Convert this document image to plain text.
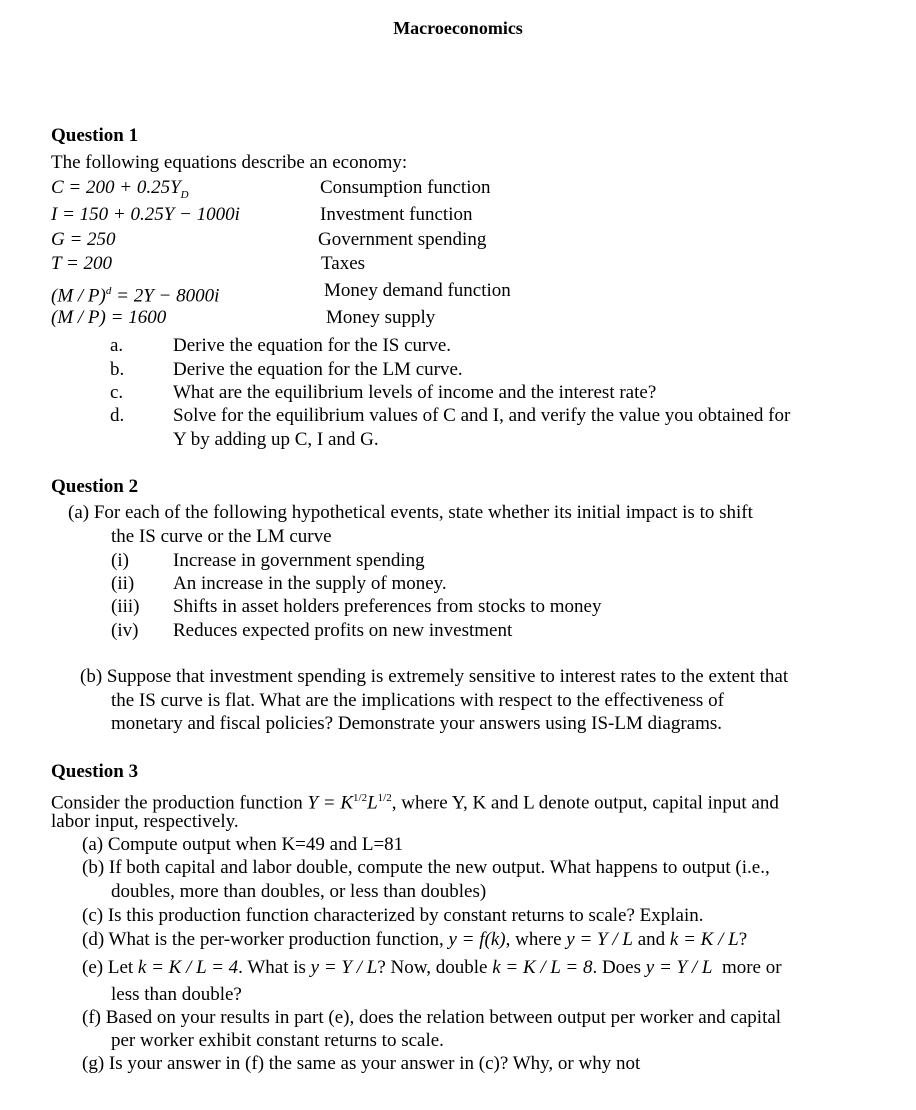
Macroeconomics
Question 1
The following equations describe an economy:
$C = 200 + 0.25Y_D$	Consumption function
I = 150 + 0.25Y − 1000i	Investment function
G = 250	Government spending
T = 200	Taxes
(M / P)$^d$ = 2Y − 8000i	Money demand function
(M / P) = 1600	Money supply
a.	Derive the equation for the IS curve.
b.	Derive the equation for the LM curve.
c.	What are the equilibrium levels of income and the interest rate?
d.	Solve for the equilibrium values of C and I, and verify the value you obtained for
Y by adding up C, I and G.
Question 2
(a) For each of the following hypothetical events, state whether its initial impact is to shift
the IS curve or the LM curve
(i) Increase in government spending
(ii) An increase in the supply of money.
(iii) Shifts in asset holders preferences from stocks to money
(iv) Reduces expected profits on new investment
(b) Suppose that investment spending is extremely sensitive to interest rates to the extent that
the IS curve is flat. What are the implications with respect to the effectiveness of
monetary and fiscal policies? Demonstrate your answers using IS-LM diagrams.
Question 3
Consider the production function $Y = K^{1/2}L^{1/2}$, where Y, K and L denote output, capital input and
labor input, respectively.
(a) Compute output when K=49 and L=81
(b) If both capital and labor double, compute the new output. What happens to output (i.e.,
doubles, more than doubles, or less than doubles)
(c) Is this production function characterized by constant returns to scale? Explain.
(d) What is the per-worker production function, y = f(k), where y = Y / L and k = K / L?
(e) Let k = K / L = 4. What is y = Y / L? Now, double k = K / L = 8. Does y = Y / L  more or
less than double?
(f) Based on your results in part (e), does the relation between output per worker and capital
per worker exhibit constant returns to scale.
(g) Is your answer in (f) the same as your answer in (c)? Why, or why not
